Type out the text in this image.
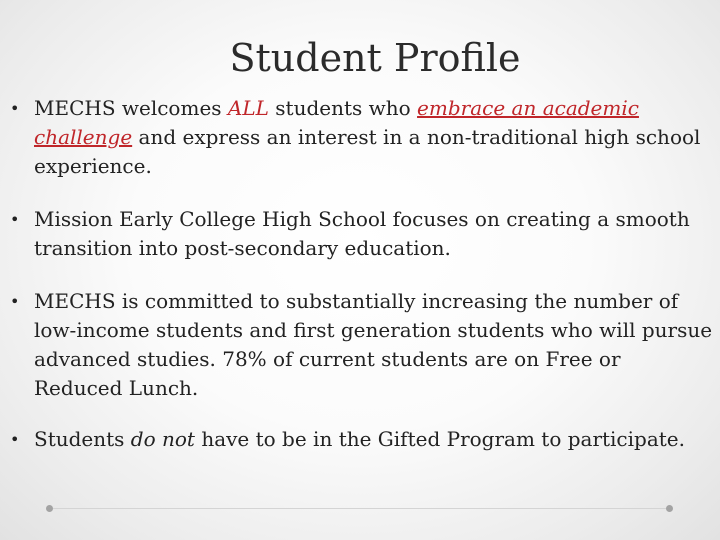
Student Profile
• MECHS welcomes ALL students who embrace an academic challenge and express an interest in a non-traditional high school experience.
• Mission Early College High School focuses on creating a smooth transition into post-secondary education.
• MECHS is committed to substantially increasing the number of low-income students and first generation students who will pursue advanced studies. 78% of current students are on Free or Reduced Lunch.
• Students do not have to be in the Gifted Program to participate.
